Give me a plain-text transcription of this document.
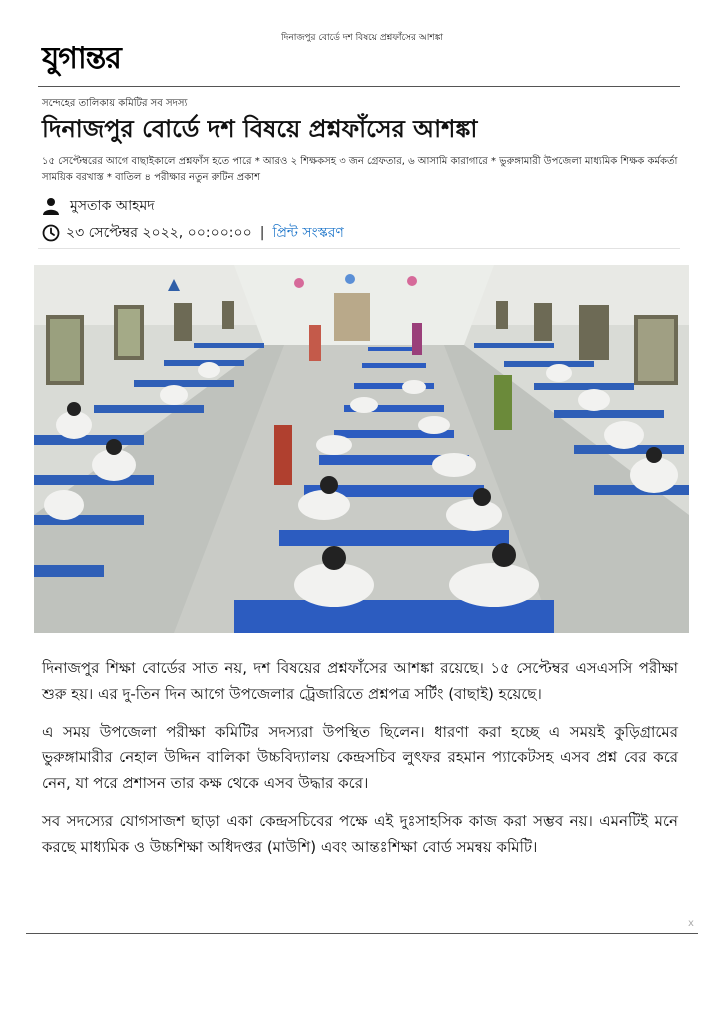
দিনাজপুর বোর্ডে দশ বিষয়ে প্রশ্নফাঁসের আশঙ্কা
যুগান্তর
সন্দেহের তালিকায় কমিটির সব সদস্য
দিনাজপুর বোর্ডে দশ বিষয়ে প্রশ্নফাঁসের আশঙ্কা
১৫ সেপ্টেম্বরের আগে বাছাইকালে প্রশ্নফাঁস হতে পারে * আরও ২ শিক্ষকসহ ৩ জন গ্রেফতার, ৬ আসামি কারাগারে * ভুরুঙ্গামারী উপজেলা মাধ্যমিক শিক্ষক কর্মকর্তা সাময়িক বরখাস্ত * বাতিল ৪ পরীক্ষার নতুন রুটিন প্রকাশ
মুসতাক আহমদ
২৩ সেপ্টেম্বর ২০২২, ০০:০০:০০ | প্রিন্ট সংস্করণ

দিনাজপুর শিক্ষা বোর্ডের সাত নয়, দশ বিষয়ের প্রশ্নফাঁসের আশঙ্কা রয়েছে। ১৫ সেপ্টেম্বর এসএসসি পরীক্ষা শুরু হয়। এর দু-তিন দিন আগে উপজেলার ট্রেজারিতে প্রশ্নপত্র সর্টিং (বাছাই) হয়েছে।

এ সময় উপজেলা পরীক্ষা কমিটির সদস্যরা উপস্থিত ছিলেন। ধারণা করা হচ্ছে এ সময়ই কুড়িগ্রামের ভুরুঙ্গামারীর নেহাল উদ্দিন বালিকা উচ্চবিদ্যালয় কেন্দ্রসচিব লুৎফর রহমান প্যাকেটসহ এসব প্রশ্ন বের করে নেন, যা পরে প্রশাসন তার কক্ষ থেকে এসব উদ্ধার করে।

সব সদস্যের যোগসাজশ ছাড়া একা কেন্দ্রসচিবের পক্ষে এই দুঃসাহসিক কাজ করা সম্ভব নয়। এমনটিই মনে করছে মাধ্যমিক ও উচ্চশিক্ষা অধিদপ্তর (মাউশি) এবং আন্তঃশিক্ষা বোর্ড সমন্বয় কমিটি।

x
